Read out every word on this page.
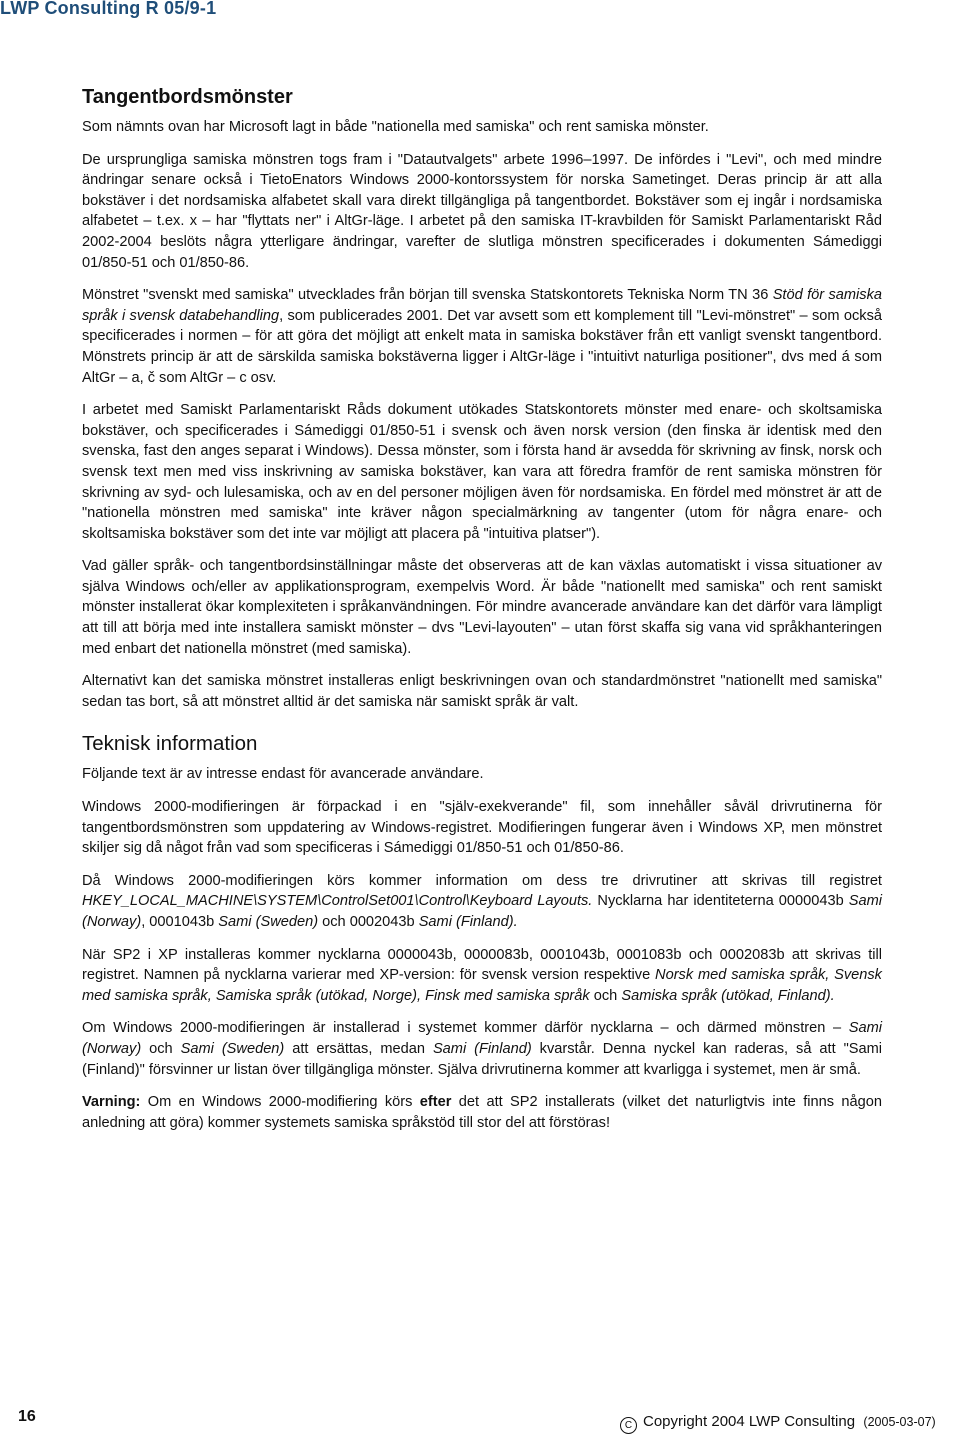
LWP Consulting R 05/9-1
Tangentbordsmönster

Som nämnts ovan har Microsoft lagt in både "nationella med samiska" och rent samiska mönster.

De ursprungliga samiska mönstren togs fram i "Datautvalgets" arbete 1996–1997. De infördes i "Levi", och med mindre ändringar senare också i TietoEnators Windows 2000-kontorssystem för norska Sametinget. Deras princip är att alla bokstäver i det nordsamiska alfabetet skall vara direkt tillgängliga på tangentbordet. Bokstäver som ej ingår i nordsamiska alfabetet – t.ex. x – har "flyttats ner" i AltGr-läge. I arbetet på den samiska IT-kravbilden för Samiskt Parlamentariskt Råd 2002-2004 beslöts några ytterligare ändringar, varefter de slutliga mönstren specificerades i dokumenten Sámediggi 01/850-51 och 01/850-86.

Mönstret "svenskt med samiska" utvecklades från början till svenska Statskontorets Tekniska Norm TN 36 Stöd för samiska språk i svensk databehandling, som publicerades 2001. Det var avsett som ett komplement till "Levi-mönstret" – som också specificerades i normen – för att göra det möjligt att enkelt mata in samiska bokstäver från ett vanligt svenskt tangentbord. Mönstrets princip är att de särskilda samiska bokstäverna ligger i AltGr-läge i "intuitivt naturliga positioner", dvs med á som AltGr – a, č som AltGr – c osv.

I arbetet med Samiskt Parlamentariskt Råds dokument utökades Statskontorets mönster med enare- och skoltsamiska bokstäver, och specificerades i Sámediggi 01/850-51 i svensk och även norsk version (den finska är identisk med den svenska, fast den anges separat i Windows). Dessa mönster, som i första hand är avsedda för skrivning av finsk, norsk och svensk text men med viss inskrivning av samiska bokstäver, kan vara att föredra framför de rent samiska mönstren för skrivning av syd- och lulesamiska, och av en del personer möjligen även för nordsamiska. En fördel med mönstret är att de "nationella mönstren med samiska" inte kräver någon specialmärkning av tangenter (utom för några enare- och skoltsamiska bokstäver som det inte var möjligt att placera på "intuitiva platser").

Vad gäller språk- och tangentbordsinställningar måste det observeras att de kan växlas automatiskt i vissa situationer av själva Windows och/eller av applikationsprogram, exempelvis Word. Är både "nationellt med samiska" och rent samiskt mönster installerat ökar komplexiteten i språkanvändningen. För mindre avancerade användare kan det därför vara lämpligt att till att börja med inte installera samiskt mönster – dvs "Levi-layouten" – utan först skaffa sig vana vid språkhanteringen med enbart det nationella mönstret (med samiska).

Alternativt kan det samiska mönstret installeras enligt beskrivningen ovan och standardmönstret "nationellt med samiska" sedan tas bort, så att mönstret alltid är det samiska när samiskt språk är valt.

Teknisk information

Följande text är av intresse endast för avancerade användare.

Windows 2000-modifieringen är förpackad i en "själv-exekverande" fil, som innehåller såväl drivrutinerna för tangentbordsmönstren som uppdatering av Windows-registret. Modifieringen fungerar även i Windows XP, men mönstret skiljer sig då något från vad som specificeras i Sámediggi 01/850-51 och 01/850-86.

Då Windows 2000-modifieringen körs kommer information om dess tre drivrutiner att skrivas till registret HKEY_LOCAL_MACHINE\SYSTEM\ControlSet001\Control\Keyboard Layouts. Nycklarna har identiteterna 0000043b Sami (Norway), 0001043b Sami (Sweden) och 0002043b Sami (Finland).

När SP2 i XP installeras kommer nycklarna 0000043b, 0000083b, 0001043b, 0001083b och 0002083b att skrivas till registret. Namnen på nycklarna varierar med XP-version: för svensk version respektive Norsk med samiska språk, Svensk med samiska språk, Samiska språk (utökad, Norge), Finsk med samiska språk och Samiska språk (utökad, Finland).

Om Windows 2000-modifieringen är installerad i systemet kommer därför nycklarna – och därmed mönstren – Sami (Norway) och Sami (Sweden) att ersättas, medan Sami (Finland) kvarstår. Denna nyckel kan raderas, så att "Sami (Finland)" försvinner ur listan över tillgängliga mönster. Själva drivrutinerna kommer att kvarligga i systemet, men är små.

Varning: Om en Windows 2000-modifiering körs efter det att SP2 installerats (vilket det naturligtvis inte finns någon anledning att göra) kommer systemets samiska språkstöd till stor del att förstöras!

16
C Copyright 2004 LWP Consulting (2005-03-07)
